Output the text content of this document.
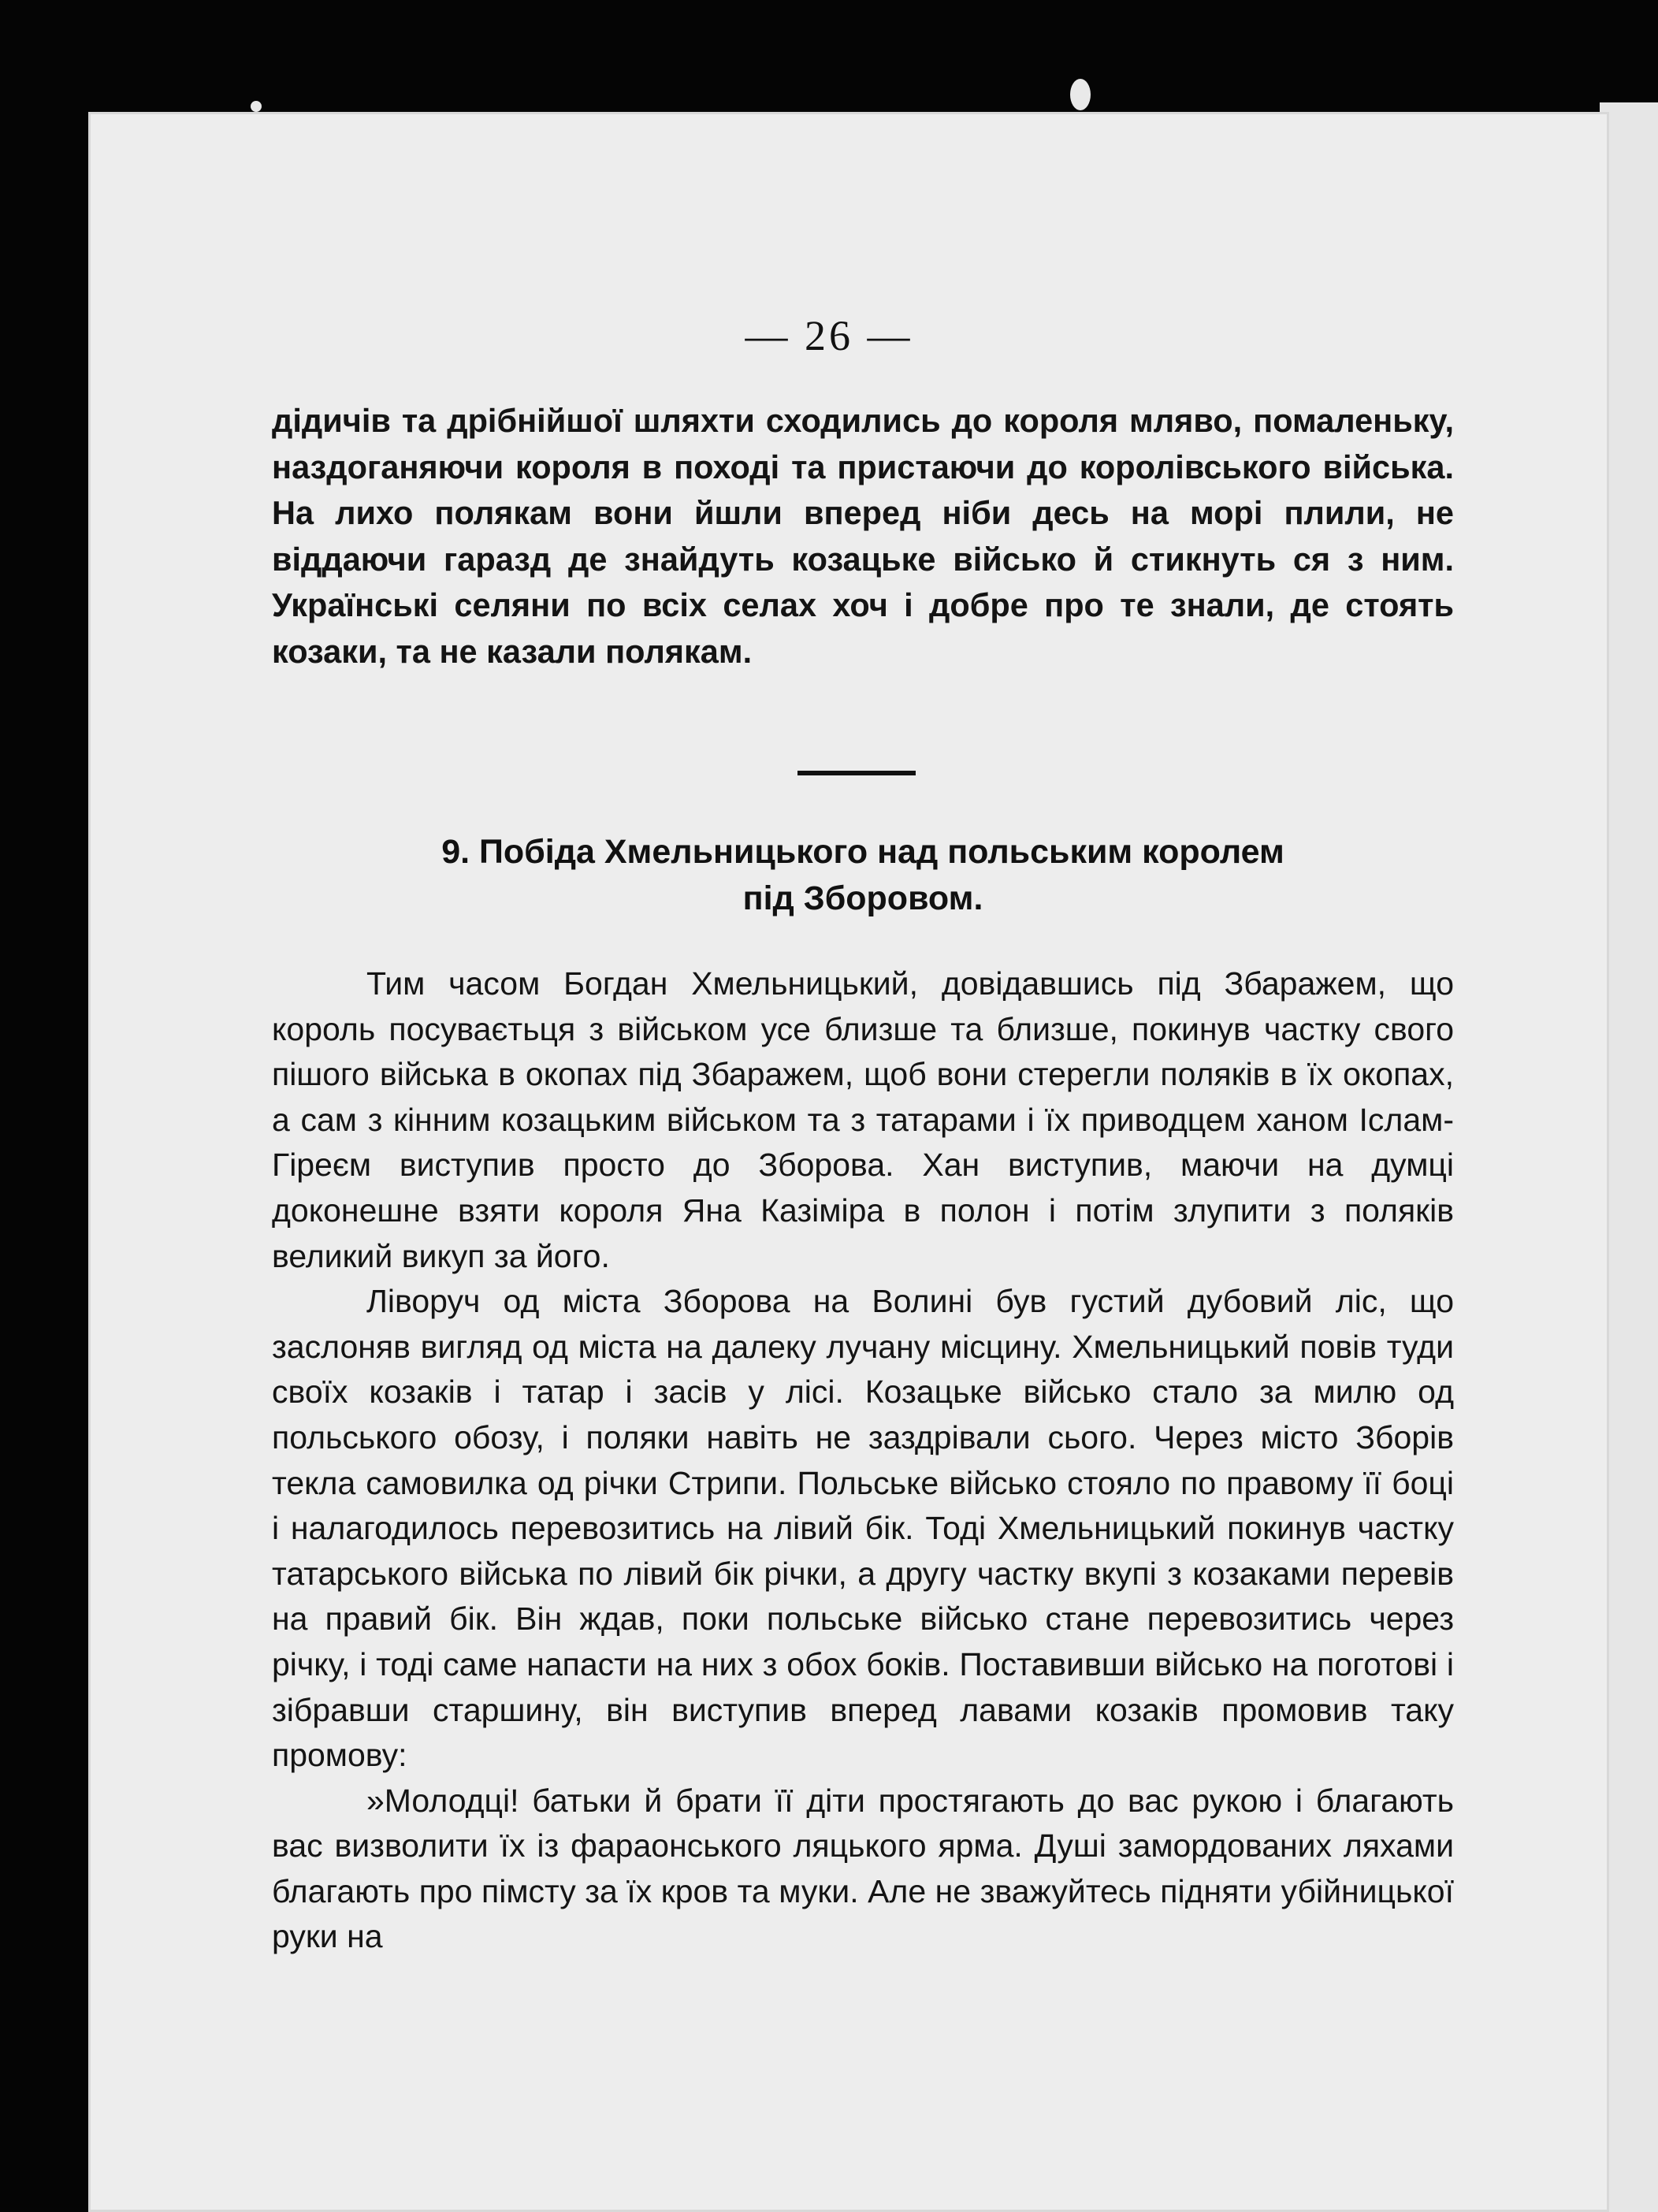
— 26 —
дідичів та дрібнійшої шляхти сходились до короля мляво, помаленьку, наздоганяючи короля в поході та пристаючи до королівського війська. На лихо полякам вони йшли вперед ніби десь на морі плили, не віддаючи гаразд де знайдуть козацьке військо й стикнуть ся з ним. Українські селяни по всіх селах хоч і добре про те знали, де стоять козаки, та не казали полякам.
9. Побіда Хмельницького над польським королем
під Зборовом.

Тим часом Богдан Хмельницький, довідавшись під Збаражем, що король посуваєтьця з військом усе близше та близше, покинув частку свого пішого війська в окопах під Збаражем, щоб вони стерегли поляків в їх окопах, а сам з кінним козацьким військом та з татарами і їх приводцем ханом Іслам-Гіреєм виступив просто до Зборова. Хан виступив, маючи на думці доконешне взяти короля Яна Казіміра в полон і потім злупити з поляків великий викуп за його.

Ліворуч од міста Зборова на Волині був густий дубовий ліс, що заслоняв вигляд од міста на далеку лучану місцину. Хмельницький повів туди своїх козаків і татар і засів у лісі. Козацьке військо стало за милю од польського обозу, і поляки навіть не заздрівали сього. Через місто Зборів текла самовилка од річки Стрипи. Польське військо стояло по правому її боці і налагодилось перевозитись на лівий бік. Тоді Хмельницький покинув частку татарського війська по лівий бік річки, а другу частку вкупі з козаками перевів на правий бік. Він ждав, поки польське військо стане перевозитись через річку, і тоді саме напасти на них з обох боків. Поставивши військо на поготові і зібравши старшину, він виступив вперед лавами козаків промовив таку промову:

»Молодці! батьки й брати її діти простягають до вас рукою і благають вас визволити їх із фараонського ляцького ярма. Душі замордованих ляхами благають про пімсту за їх кров та муки. Але не зважуйтесь підняти убійницької руки на
